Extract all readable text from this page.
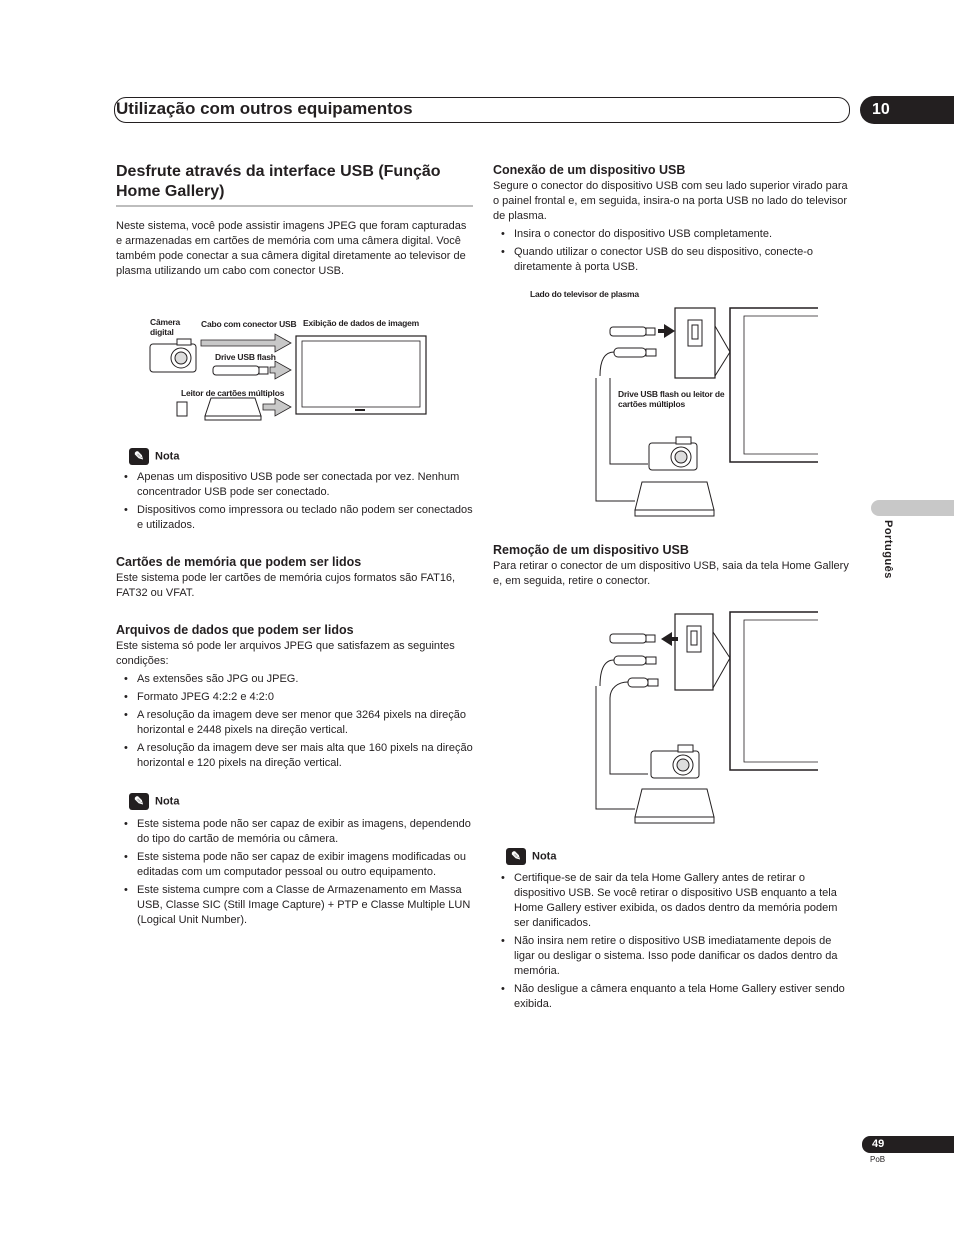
Utilização com outros equipamentos	10
Português
Desfrute através da interface USB (Função Home Gallery)

Neste sistema, você pode assistir imagens JPEG que foram capturadas e armazenadas em cartões de memória com uma câmera digital. Você também pode conectar a sua câmera digital diretamente ao televisor de plasma utilizando um cabo com conector USB.

Câmera digital
Cabo com conector USB Exibição de dados de imagem
Drive USB flash
Leitor de cartões múltiplos
✎ Nota
• Apenas um dispositivo USB pode ser conectada por vez. Nenhum concentrador USB pode ser conectado.
• Dispositivos como impressora ou teclado não podem ser conectados e utilizados.
Cartões de memória que podem ser lidos

Este sistema pode ler cartões de memória cujos formatos são FAT16, FAT32 ou VFAT.

Arquivos de dados que podem ser lidos

Este sistema só pode ler arquivos JPEG que satisfazem as seguintes condições:

• As extensões são JPG ou JPEG.
• Formato JPEG 4:2:2 e 4:2:0
• A resolução da imagem deve ser menor que 3264 pixels na direção horizontal e 2448 pixels na direção vertical.
• A resolução da imagem deve ser mais alta que 160 pixels na direção horizontal e 120 pixels na direção vertical.
✎ Nota
• Este sistema pode não ser capaz de exibir as imagens, dependendo do tipo do cartão de memória ou câmera.
• Este sistema pode não ser capaz de exibir imagens modificadas ou editadas com um computador pessoal ou outro equipamento.
• Este sistema cumpre com a Classe de Armazenamento em Massa USB, Classe SIC (Still Image Capture) + PTP e Classe Multiple LUN (Logical Unit Number).
Conexão de um dispositivo USB

Segure o conector do dispositivo USB com seu lado superior virado para o painel frontal e, em seguida, insira-o na porta USB no lado do televisor de plasma.

• Insira o conector do dispositivo USB completamente.
• Quando utilizar o conector USB do seu dispositivo, conecte-o diretamente à porta USB.
Lado do televisor de plasma
Drive USB flash ou leitor de cartões múltiplos
Remoção de um dispositivo USB

Para retirar o conector de um dispositivo USB, saia da tela Home Gallery e, em seguida, retire o conector.

✎ Nota
• Certifique-se de sair da tela Home Gallery antes de retirar o dispositivo USB. Se você retirar o dispositivo USB enquanto a tela Home Gallery estiver exibida, os dados dentro da memória podem ser danificados.
• Não insira nem retire o dispositivo USB imediatamente depois de ligar ou desligar o sistema. Isso pode danificar os dados dentro da memória.
• Não desligue a câmera enquanto a tela Home Gallery estiver sendo exibida.
49
PoB
